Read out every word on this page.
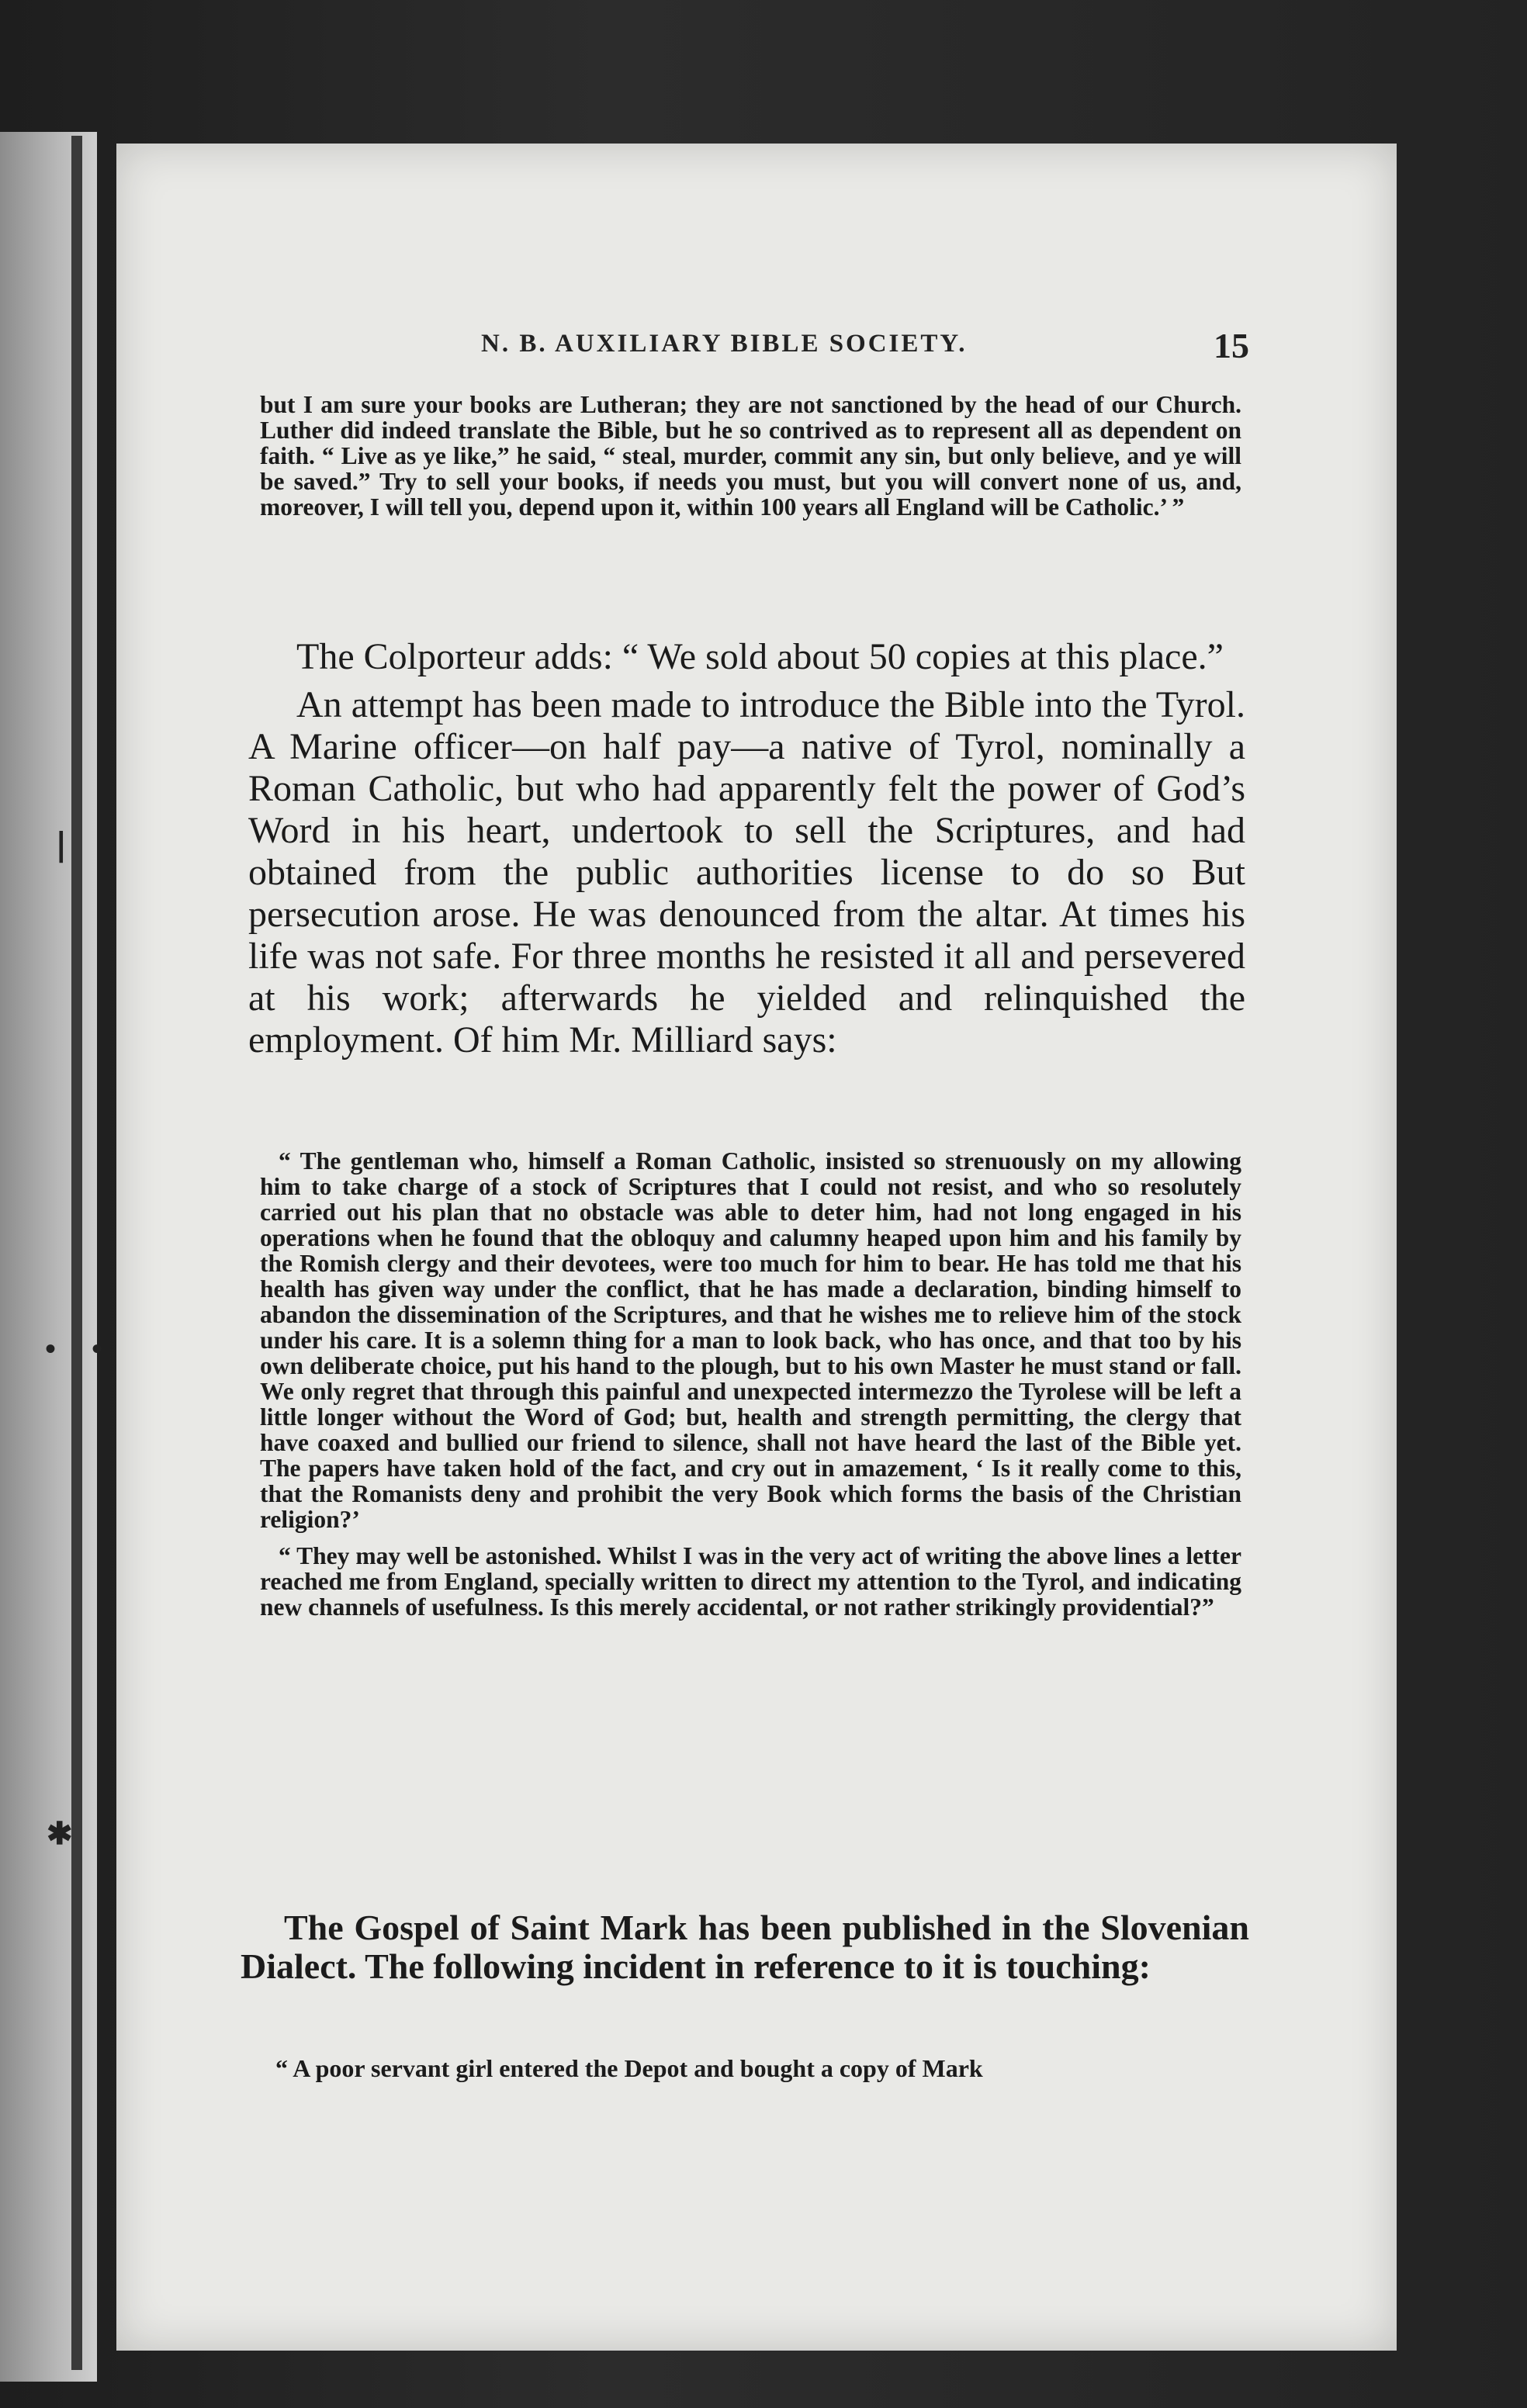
❘
• •
✱
N. B. AUXILIARY BIBLE SOCIETY.	15

but I am sure your books are Lutheran; they are not sanctioned by the head of our Church. Luther did indeed translate the Bible, but he so contrived as to represent all as dependent on faith. “ Live as ye like,” he said, “ steal, murder, commit any sin, but only believe, and ye will be saved.” Try to sell your books, if needs you must, but you will convert none of us, and, moreover, I will tell you, depend upon it, within 100 years all England will be Catholic.’ ”

The Colporteur adds: “ We sold about 50 copies at this place.”

An attempt has been made to introduce the Bible into the Tyrol. A Marine officer—on half pay—a native of Tyrol, nominally a Roman Catholic, but who had apparently felt the power of God’s Word in his heart, undertook to sell the Scriptures, and had obtained from the public authorities license to do so But persecution arose. He was denounced from the altar. At times his life was not safe. For three months he resisted it all and persevered at his work; afterwards he yielded and relinquished the employment. Of him Mr. Milliard says:

“ The gentleman who, himself a Roman Catholic, insisted so strenuously on my allowing him to take charge of a stock of Scriptures that I could not resist, and who so resolutely carried out his plan that no obstacle was able to deter him, had not long engaged in his operations when he found that the obloquy and calumny heaped upon him and his family by the Romish clergy and their devotees, were too much for him to bear. He has told me that his health has given way under the conflict, that he has made a declaration, binding himself to abandon the dissemination of the Scriptures, and that he wishes me to relieve him of the stock under his care. It is a solemn thing for a man to look back, who has once, and that too by his own deliberate choice, put his hand to the plough, but to his own Master he must stand or fall. We only regret that through this painful and unexpected intermezzo the Tyrolese will be left a little longer without the Word of God; but, health and strength permitting, the clergy that have coaxed and bullied our friend to silence, shall not have heard the last of the Bible yet. The papers have taken hold of the fact, and cry out in amazement, ‘ Is it really come to this, that the Romanists deny and prohibit the very Book which forms the basis of the Christian religion?’

“ They may well be astonished. Whilst I was in the very act of writing the above lines a letter reached me from England, specially written to direct my attention to the Tyrol, and indicating new channels of usefulness. Is this merely accidental, or not rather strikingly providential?”

The Gospel of Saint Mark has been published in the Slovenian Dialect. The following incident in reference to it is touching:

“ A poor servant girl entered the Depot and bought a copy of Mark
